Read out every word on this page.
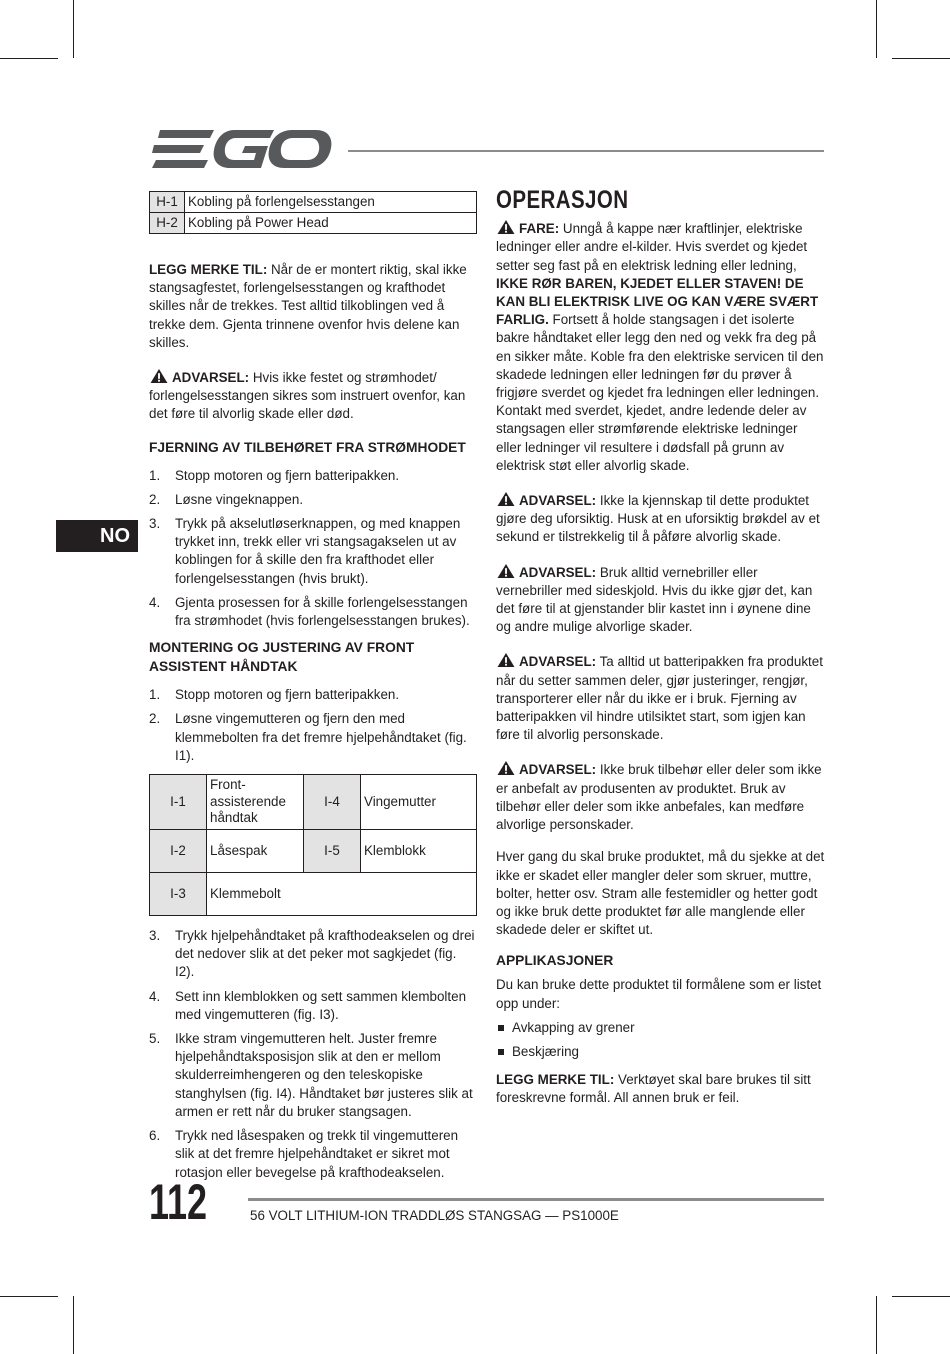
NO
H-1	Kobling på forlengelsesstangen
H-2	Kobling på Power Head

LEGG MERKE TIL: Når de er montert riktig, skal ikke stangsagfestet, forlengelsesstangen og krafthodet skilles når de trekkes. Test alltid tilkoblingen ved å trekke dem. Gjenta trinnene ovenfor hvis delene kan skilles.

ADVARSEL: Hvis ikke festet og strømhodet/ forlengelsesstangen sikres som instruert ovenfor, kan det føre til alvorlig skade eller død.

FJERNING AV TILBEHØRET FRA STRØMHODET
1. Stopp motoren og fjern batteripakken.
2. Løsne vingeknappen.
3. Trykk på akselutløserknappen, og med knappen trykket inn, trekk eller vri stangsagakselen ut av koblingen for å skille den fra krafthodet eller forlengelsesstangen (hvis brukt).
4. Gjenta prosessen for å skille forlengelsesstangen fra strømhodet (hvis forlengelsesstangen brukes).
MONTERING OG JUSTERING AV FRONT ASSISTENT HÅNDTAK
1. Stopp motoren og fjern batteripakken.
2. Løsne vingemutteren og fjern den med klemmebolten fra det fremre hjelpehåndtaket (fig. I1).
I-1	Front-assisterende håndtak	I-4	Vingemutter
I-2	Låsespak	I-5	Klemblokk
I-3	Klemmebolt		
3. Trykk hjelpehåndtaket på krafthodeakselen og drei det nedover slik at det peker mot sagkjedet (fig. I2).
4. Sett inn klemblokken og sett sammen klembolten med vingemutteren (fig. I3).
5. Ikke stram vingemutteren helt. Juster fremre hjelpehåndtaksposisjon slik at den er mellom skulderreimhengeren og den teleskopiske stanghylsen (fig. I4). Håndtaket bør justeres slik at armen er rett når du bruker stangsagen.
6. Trykk ned låsespaken og trekk til vingemutteren slik at det fremre hjelpehåndtaket er sikret mot rotasjon eller bevegelse på krafthodeakselen.
OPERASJON

FARE: Unngå å kappe nær kraftlinjer, elektriske ledninger eller andre el-kilder. Hvis sverdet og kjedet setter seg fast på en elektrisk ledning eller ledning, IKKE RØR BAREN, KJEDET ELLER STAVEN! DE KAN BLI ELEKTRISK LIVE OG KAN VÆRE SVÆRT FARLIG. Fortsett å holde stangsagen i det isolerte bakre håndtaket eller legg den ned og vekk fra deg på en sikker måte. Koble fra den elektriske servicen til den skadede ledningen eller ledningen før du prøver å frigjøre sverdet og kjedet fra ledningen eller ledningen. Kontakt med sverdet, kjedet, andre ledende deler av stangsagen eller strømførende elektriske ledninger eller ledninger vil resultere i dødsfall på grunn av elektrisk støt eller alvorlig skade.

ADVARSEL: Ikke la kjennskap til dette produktet gjøre deg uforsiktig. Husk at en uforsiktig brøkdel av et sekund er tilstrekkelig til å påføre alvorlig skade.

ADVARSEL: Bruk alltid vernebriller eller vernebriller med sideskjold. Hvis du ikke gjør det, kan det føre til at gjenstander blir kastet inn i øynene dine og andre mulige alvorlige skader.

ADVARSEL: Ta alltid ut batteripakken fra produktet når du setter sammen deler, gjør justeringer, rengjør, transporterer eller når du ikke er i bruk. Fjerning av batteripakken vil hindre utilsiktet start, som igjen kan føre til alvorlig personskade.

ADVARSEL: Ikke bruk tilbehør eller deler som ikke er anbefalt av produsenten av produktet. Bruk av tilbehør eller deler som ikke anbefales, kan medføre alvorlige personskader.

Hver gang du skal bruke produktet, må du sjekke at det ikke er skadet eller mangler deler som skruer, muttre, bolter, hetter osv. Stram alle festemidler og hetter godt og ikke bruk dette produktet før alle manglende eller skadede deler er skiftet ut.

APPLIKASJONER

Du kan bruke dette produktet til formålene som er listet opp under:

Avkapping av grener
Beskjæring

LEGG MERKE TIL: Verktøyet skal bare brukes til sitt foreskrevne formål. All annen bruk er feil.

112	56 VOLT LITHIUM-ION TRADDLØS STANGSAG — PS1000E
